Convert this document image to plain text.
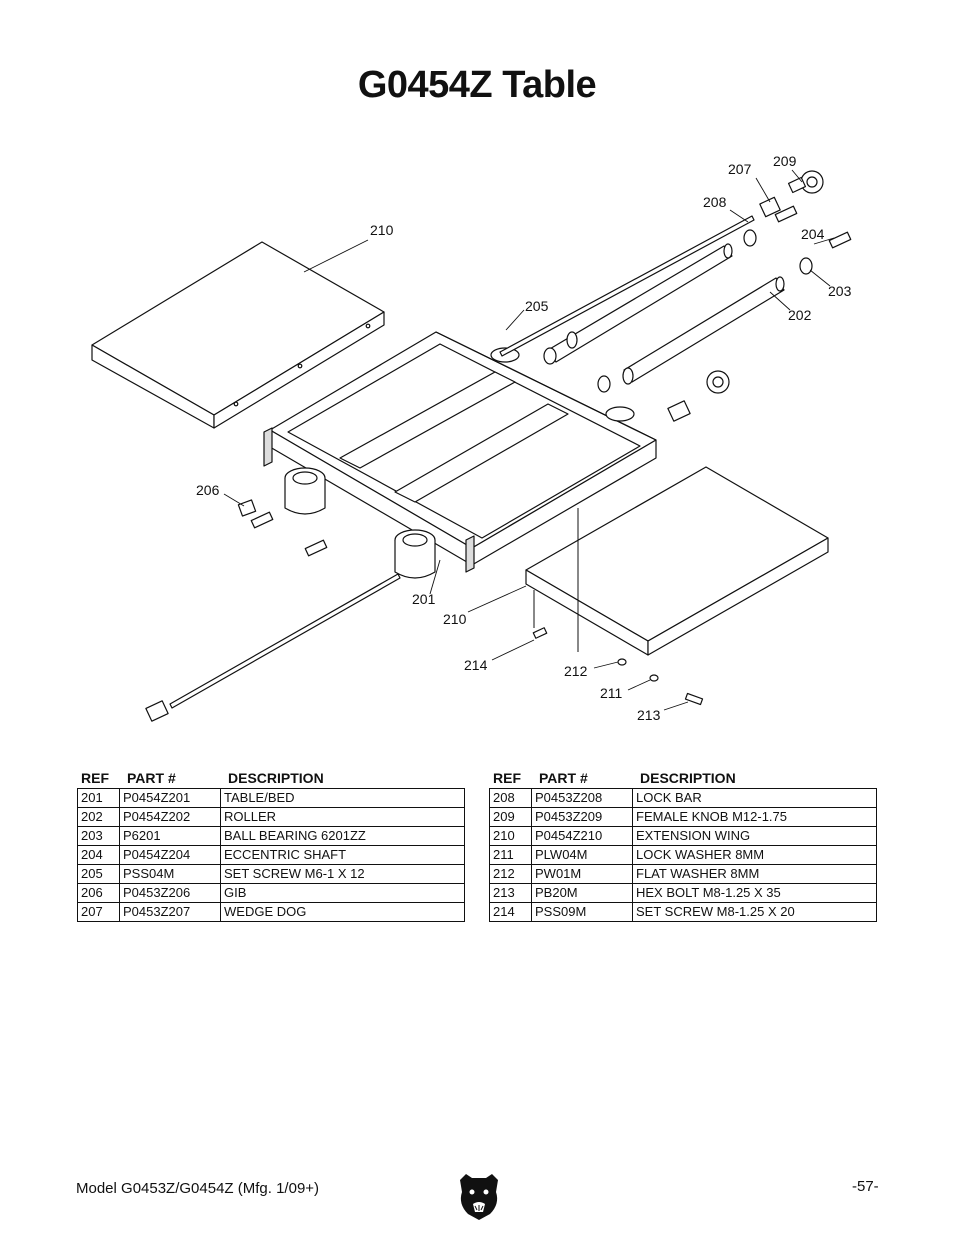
G0454Z Table
210
205
209
207
208
204
203
202
206
201
210
214	212
211
213
REF	PART #	DESCRIPTION
201	P0454Z201	TABLE/BED
202	P0454Z202	ROLLER
203	P6201	BALL BEARING 6201ZZ
204	P0454Z204	ECCENTRIC SHAFT
205	PSS04M	SET SCREW M6-1 X 12
206	P0453Z206	GIB
207	P0453Z207	WEDGE DOG
REF	PART #	DESCRIPTION
208	P0453Z208	LOCK BAR
209	P0453Z209	FEMALE KNOB M12-1.75
210	P0454Z210	EXTENSION WING
211	PLW04M	LOCK WASHER 8MM
212	PW01M	FLAT WASHER 8MM
213	PB20M	HEX BOLT M8-1.25 X 35
214	PSS09M	SET SCREW M8-1.25 X 20
Model G0453Z/G0454Z (Mfg. 1/09+)	-57-
